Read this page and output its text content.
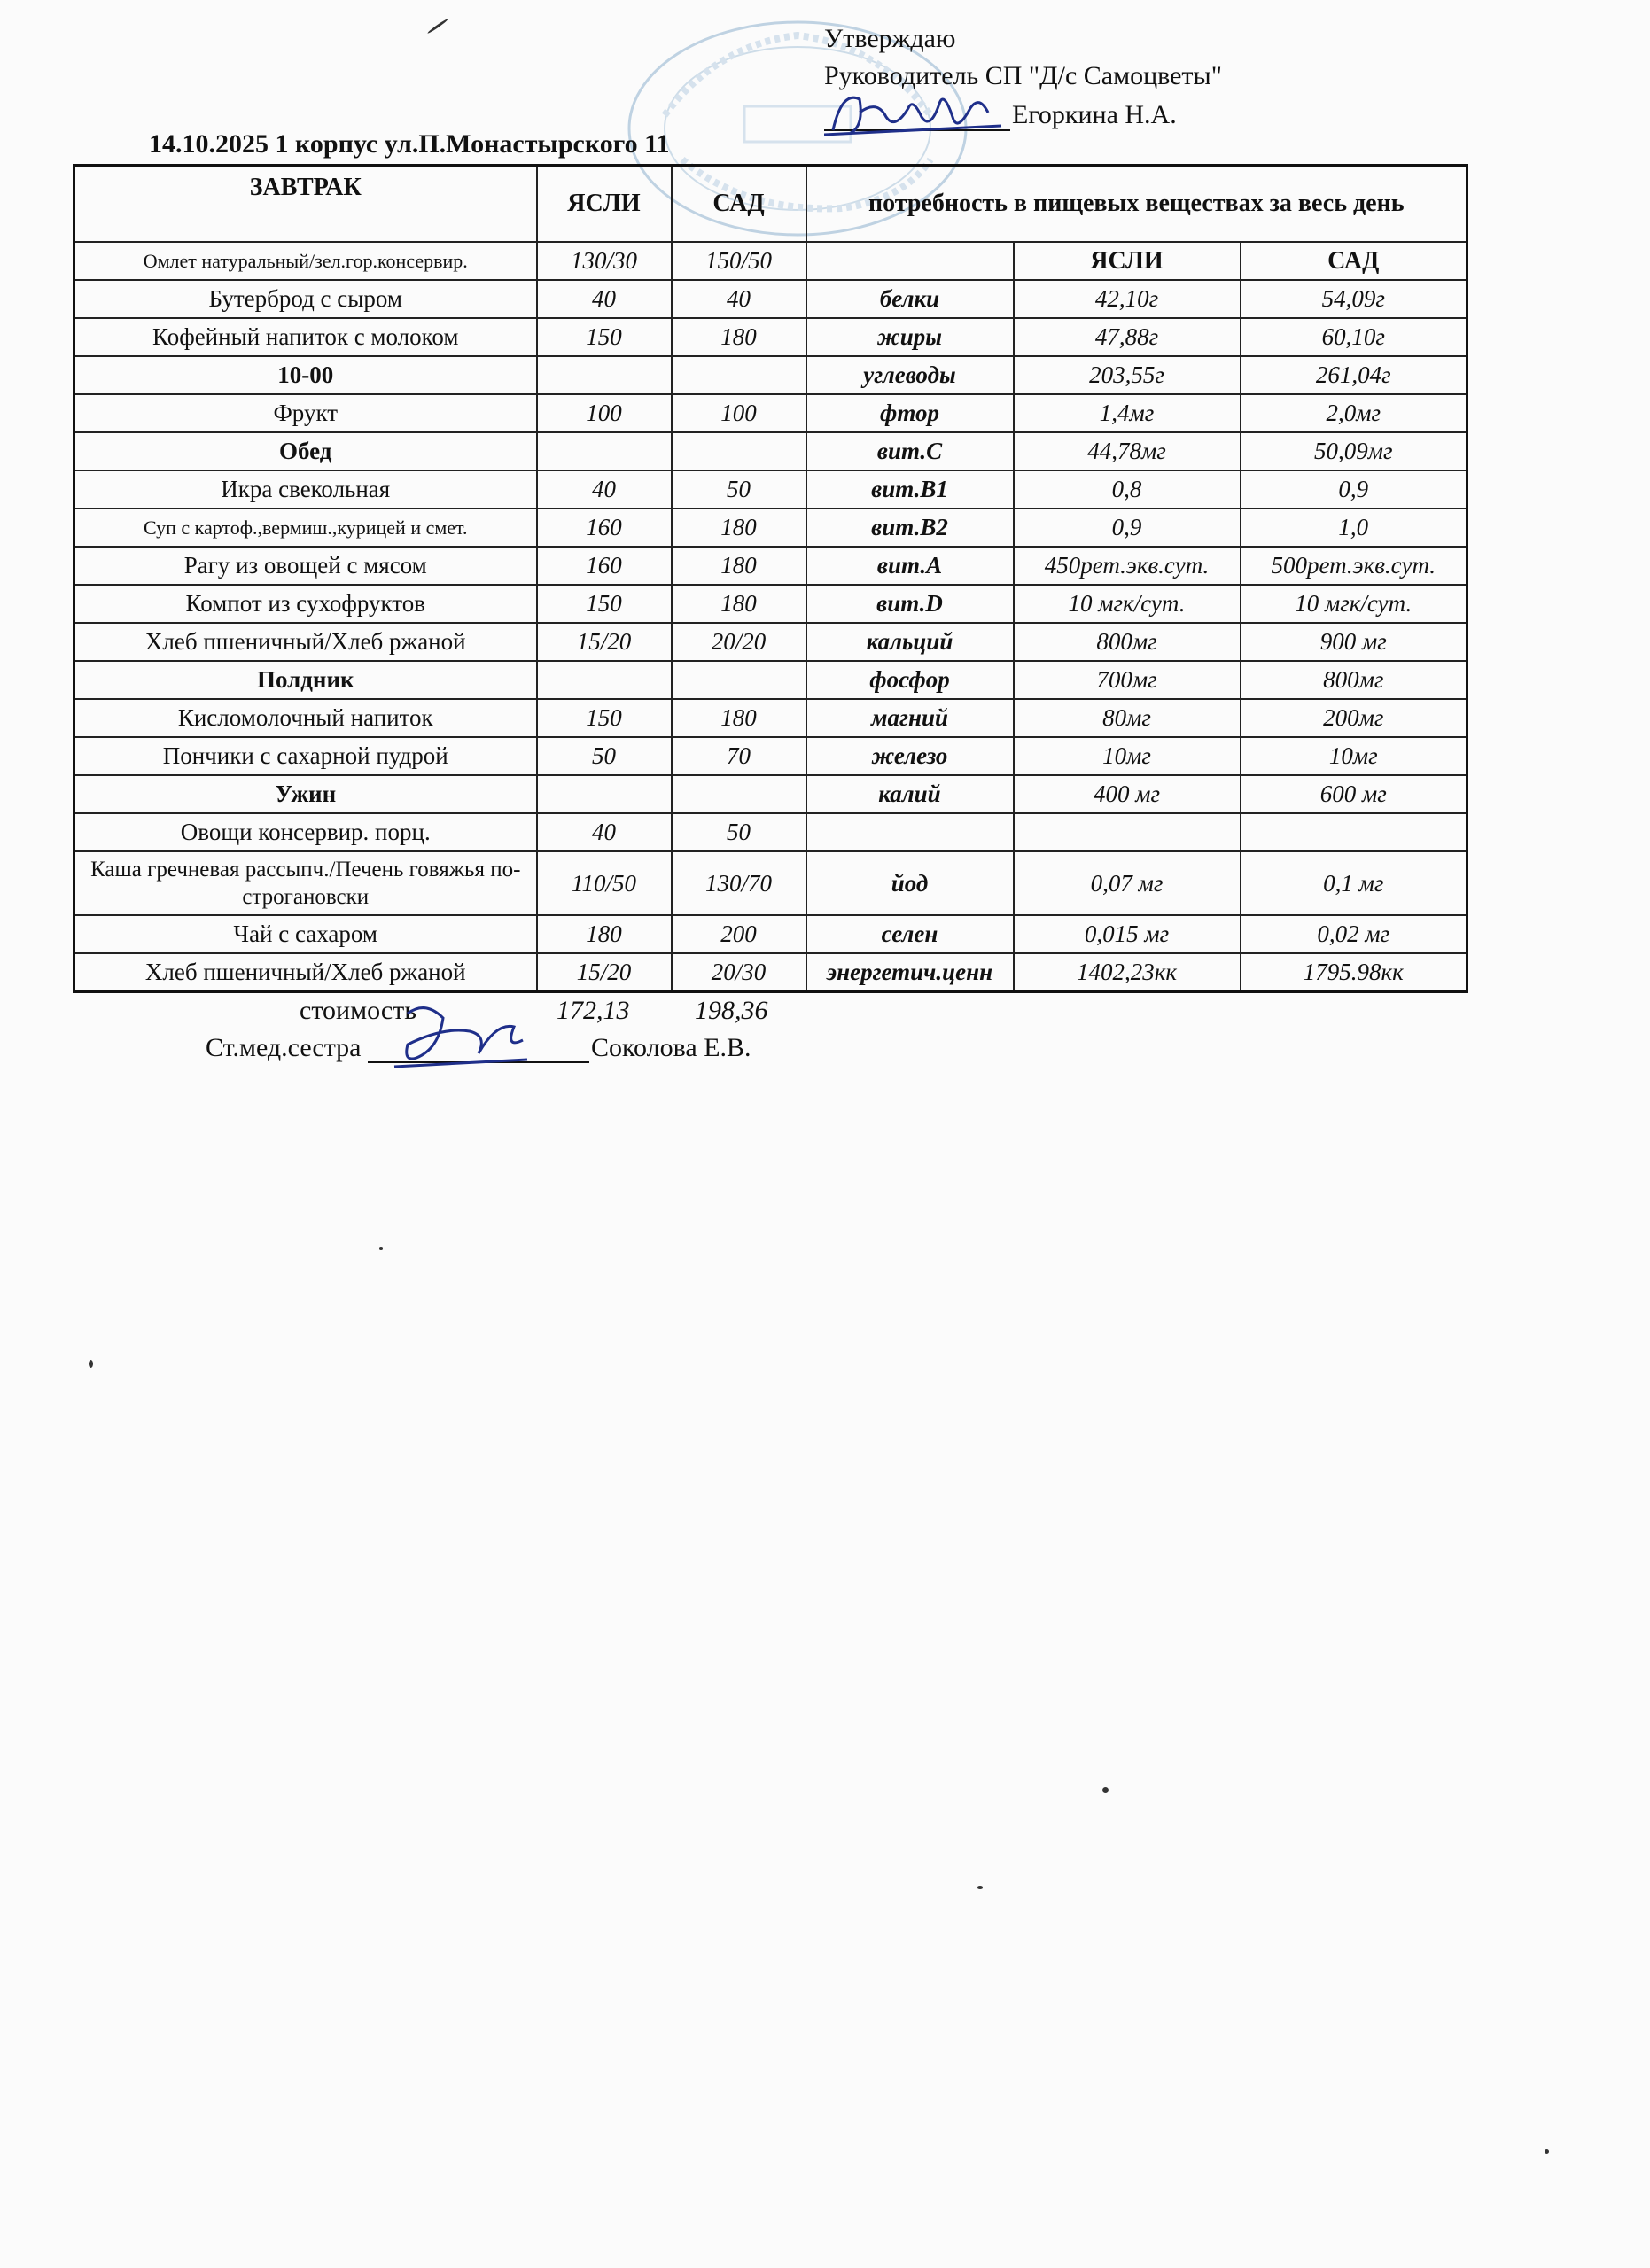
Утверждаю
Руководитель СП "Д/с Самоцветы"
Егоркина Н.А.
14.10.2025 1 корпус ул.П.Монастырского 11
ЗАВТРАК	ЯСЛИ	САД	потребность в пищевых веществах за весь день		
Омлет натуральный/зел.гор.консервир.	130/30	150/50		ЯСЛИ	САД
Бутерброд с сыром	40	40	белки	42,10г	54,09г
Кофейный напиток с молоком	150	180	жиры	47,88г	60,10г
10-00			углеводы	203,55г	261,04г
Фрукт	100	100	фтор	1,4мг	2,0мг
Обед			вит.С	44,78мг	50,09мг
Икра свекольная	40	50	вит.В1	0,8	0,9
Суп с картоф.,вермиш.,курицей и смет.	160	180	вит.В2	0,9	1,0
Рагу из овощей с мясом	160	180	вит.А	450рет.экв.сут.	500рет.экв.сут.
Компот из сухофруктов	150	180	вит.D	10 мгк/сут.	10 мгк/сут.
Хлеб пшеничный/Хлеб ржаной	15/20	20/20	кальций	800мг	900 мг
Полдник			фосфор	700мг	800мг
Кисломолочный напиток	150	180	магний	80мг	200мг
Пончики с сахарной пудрой	50	70	железо	10мг	10мг
Ужин			калий	400 мг	600 мг
Овощи консервир. порц.	40	50			
Каша гречневая рассыпч./Печень говяжья по-строгановски	110/50	130/70	йод	0,07 мг	0,1 мг
Чай с сахаром	180	200	селен	0,015 мг	0,02 мг
Хлеб пшеничный/Хлеб ржаной	15/20	20/30	энергетич.ценн	1402,23кк	1795.98кк
стоимость	172,13 198,36
Ст.мед.сестра	Соколова Е.В.
